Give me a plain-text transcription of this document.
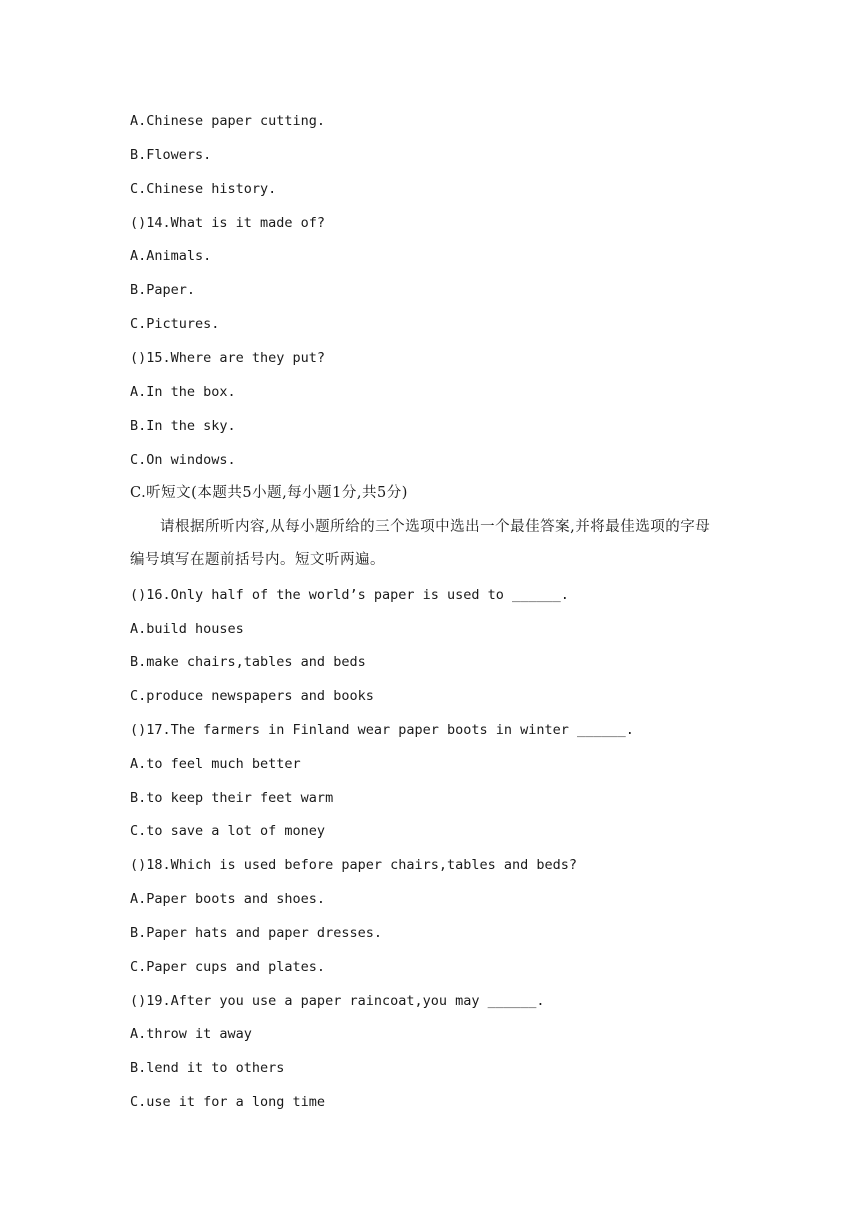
A.Chinese paper cutting.
B.Flowers.
C.Chinese history.
()14.What is it made of?
A.Animals.
B.Paper.
C.Pictures.
()15.Where are they put?
A.In the box.
B.In the sky.
C.On windows.
C.听短文(本题共5小题,每小题1分,共5分)
请根据所听内容,从每小题所给的三个选项中选出一个最佳答案,并将最佳选项的字母
编号填写在题前括号内。短文听两遍。
()16.Only half of the world’s paper is used to ______.
A.build houses
B.make chairs,tables and beds
C.produce newspapers and books
()17.The farmers in Finland wear paper boots in winter ______.
A.to feel much better
B.to keep their feet warm
C.to save a lot of money
()18.Which is used before paper chairs,tables and beds?
A.Paper boots and shoes.
B.Paper hats and paper dresses.
C.Paper cups and plates.
()19.After you use a paper raincoat,you may ______.
A.throw it away
B.lend it to others
C.use it for a long time
